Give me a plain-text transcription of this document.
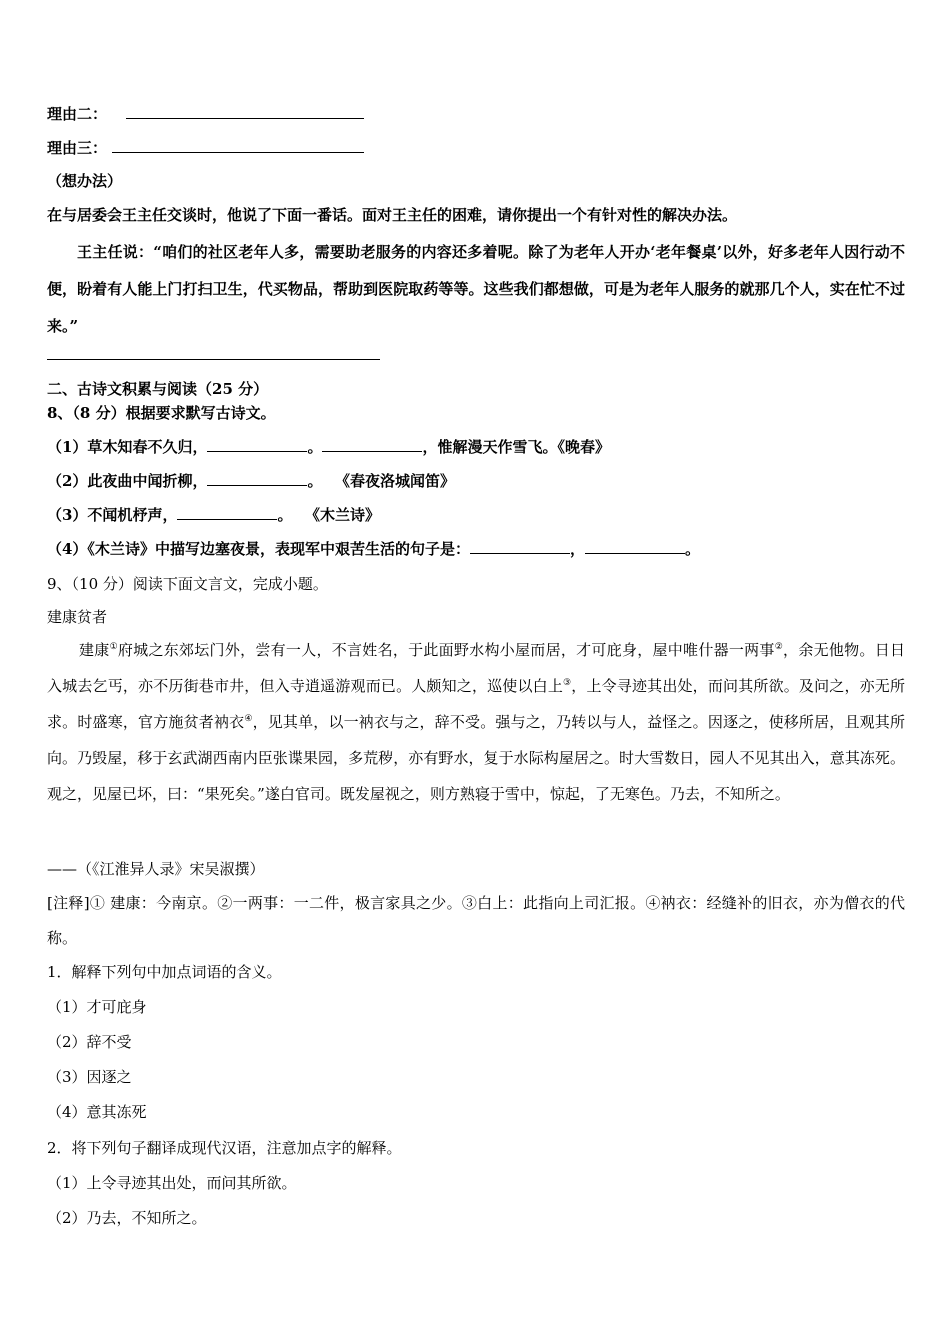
理由二：
理由三：
（想办法）
在与居委会王主任交谈时，他说了下面一番话。面对王主任的困难，请你提出一个有针对性的解决办法。
王主任说：“咱们的社区老年人多，需要助老服务的内容还多着呢。除了为老年人开办‘老年餐桌’以外，好多老年人因行动不便，盼着有人能上门打扫卫生，代买物品，帮助到医院取药等等。这些我们都想做，可是为老年人服务的就那几个人，实在忙不过来。”
二、古诗文积累与阅读（25 分）
8、（8 分）根据要求默写古诗文。
（1）草木知春不久归，	。	，惟解漫天作雪飞。《晚春》
（2）此夜曲中闻折柳，	。 《春夜洛城闻笛》
（3）不闻机杼声，	。 《木兰诗》
（4）《木兰诗》中描写边塞夜景，表现军中艰苦生活的句子是：	，	。
9、（10 分）阅读下面文言文，完成小题。
建康贫者
建康①府城之东郊坛门外，尝有一人，不言姓名，于此面野水构小屋而居，才可庇身，屋中唯什器一两事②，余无他物。日日入城去乞丐，亦不历街巷市井，但入寺逍遥游观而已。人颇知之，巡使以白上③，上令寻迹其出处，而问其所欲。及问之，亦无所求。时盛寒，官方施贫者衲衣④，见其单，以一衲衣与之，辞不受。强与之，乃转以与人，益怪之。因逐之，使移所居，且观其所向。乃毁屋，移于玄武湖西南内臣张谍果园，多荒秽，亦有野水，复于水际构屋居之。时大雪数日，园人不见其出入，意其冻死。观之，见屋已坏，曰：“果死矣。”遂白官司。既发屋视之，则方熟寝于雪中，惊起，了无寒色。乃去，不知所之。
——（《江淮异人录》宋吴淑撰）
[注释]① 建康：今南京。②一两事：一二件，极言家具之少。③白上：此指向上司汇报。④衲衣：经缝补的旧衣，亦为僧衣的代称。
1．解释下列句中加点词语的含义。
（1）才可庇身
（2）辞不受
（3）因逐之
（4）意其冻死
2．将下列句子翻译成现代汉语，注意加点字的解释。
（1）上令寻迹其出处，而问其所欲。
（2）乃去，不知所之。
